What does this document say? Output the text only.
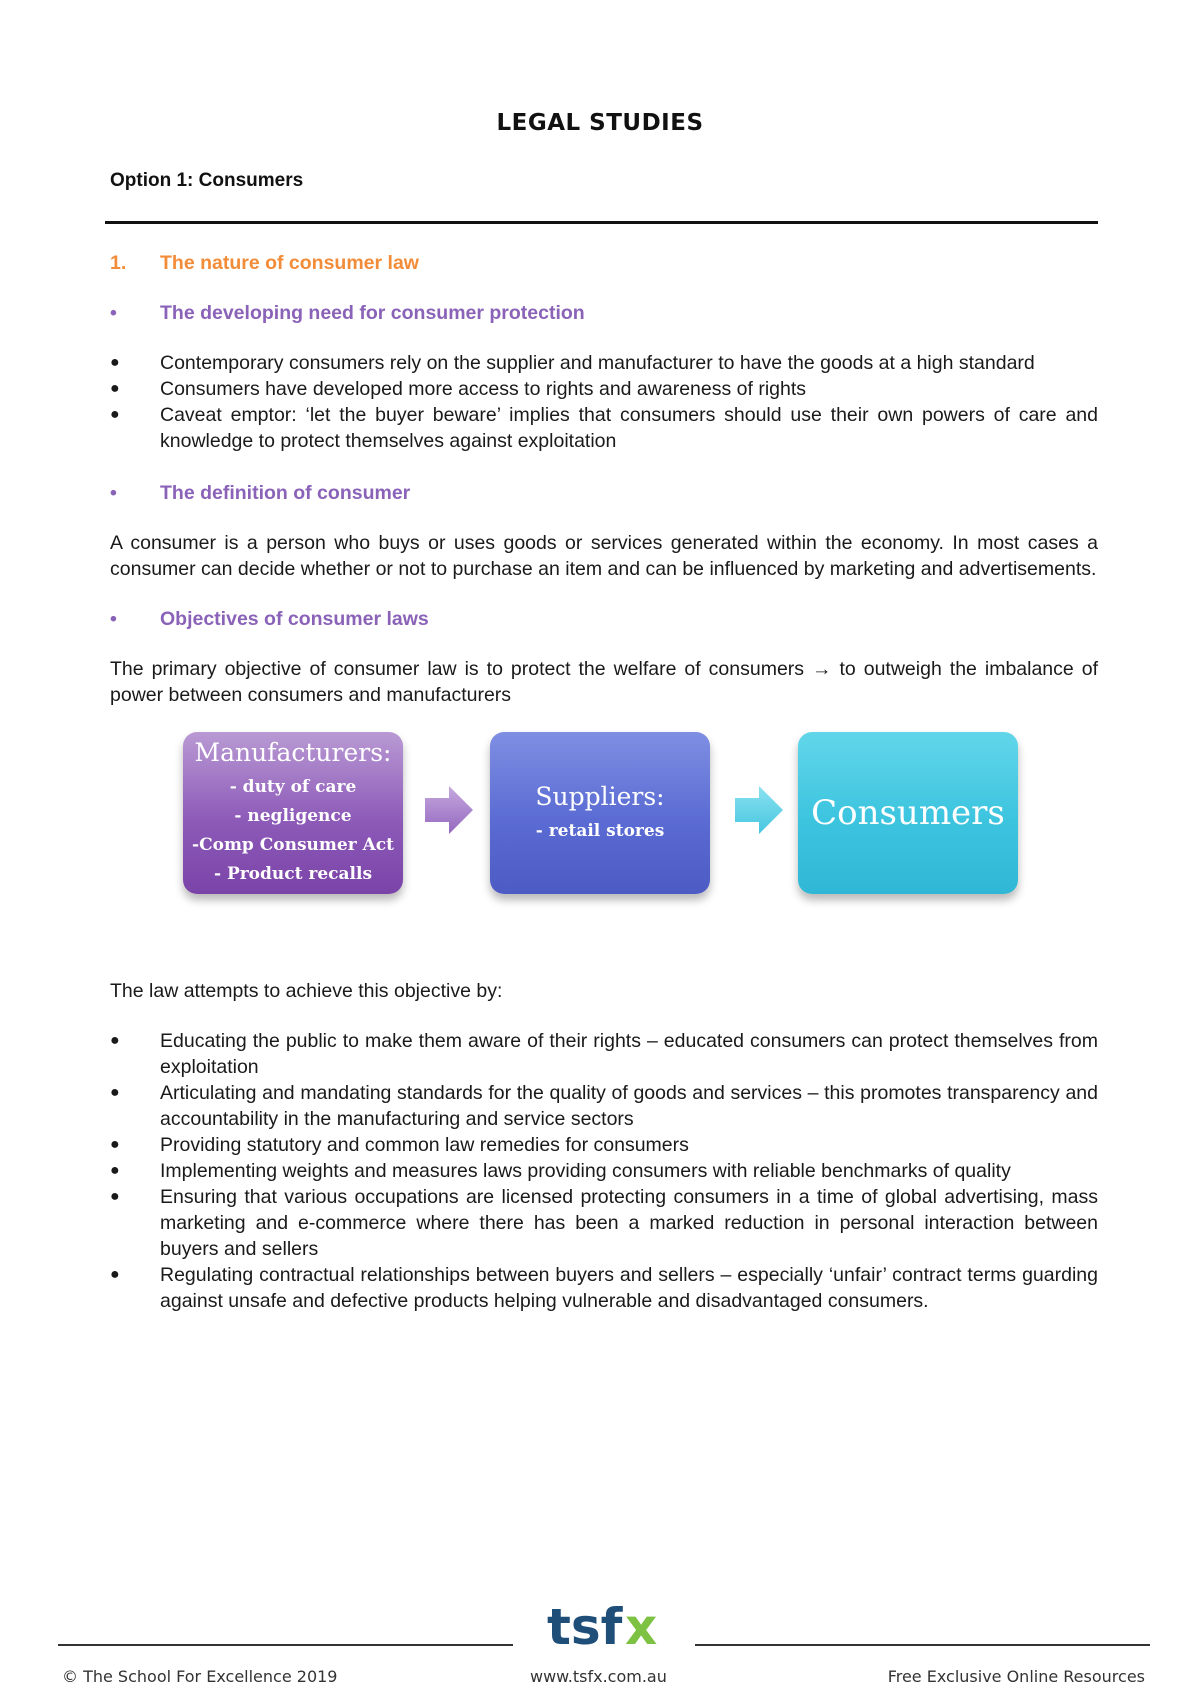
LEGAL STUDIES
Option 1: Consumers
1.	The nature of consumer law
•	The developing need for consumer protection
●	Contemporary consumers rely on the supplier and manufacturer to have the goods at a high standard
●	Consumers have developed more access to rights and awareness of rights
●	Caveat emptor: ‘let the buyer beware’ implies that consumers should use their own powers of care and knowledge to protect themselves against exploitation
•	The definition of consumer

A consumer is a person who buys or uses goods or services generated within the economy. In most cases a consumer can decide whether or not to purchase an item and can be influenced by marketing and advertisements.

•	Objectives of consumer laws

The primary objective of consumer law is to protect the welfare of consumers → to outweigh the imbalance of power between consumers and manufacturers

Manufacturers:
- duty of care
- negligence
-Comp Consumer Act
- Product recalls
Suppliers:
- retail stores	Consumers

The law attempts to achieve this objective by:

●	Educating the public to make them aware of their rights – educated consumers can protect themselves from exploitation
●	Articulating and mandating standards for the quality of goods and services – this promotes transparency and accountability in the manufacturing and service sectors
●	Providing statutory and common law remedies for consumers
●	Implementing weights and measures laws providing consumers with reliable benchmarks of quality
●	Ensuring that various occupations are licensed protecting consumers in a time of global advertising, mass marketing and e-commerce where there has been a marked reduction in personal interaction between buyers and sellers
●	Regulating contractual relationships between buyers and sellers – especially ‘unfair’ contract terms guarding against unsafe and defective products helping vulnerable and disadvantaged consumers.
tsf x
© The School For Excellence 2019	www.tsfx.com.au	Free Exclusive Online Resources
